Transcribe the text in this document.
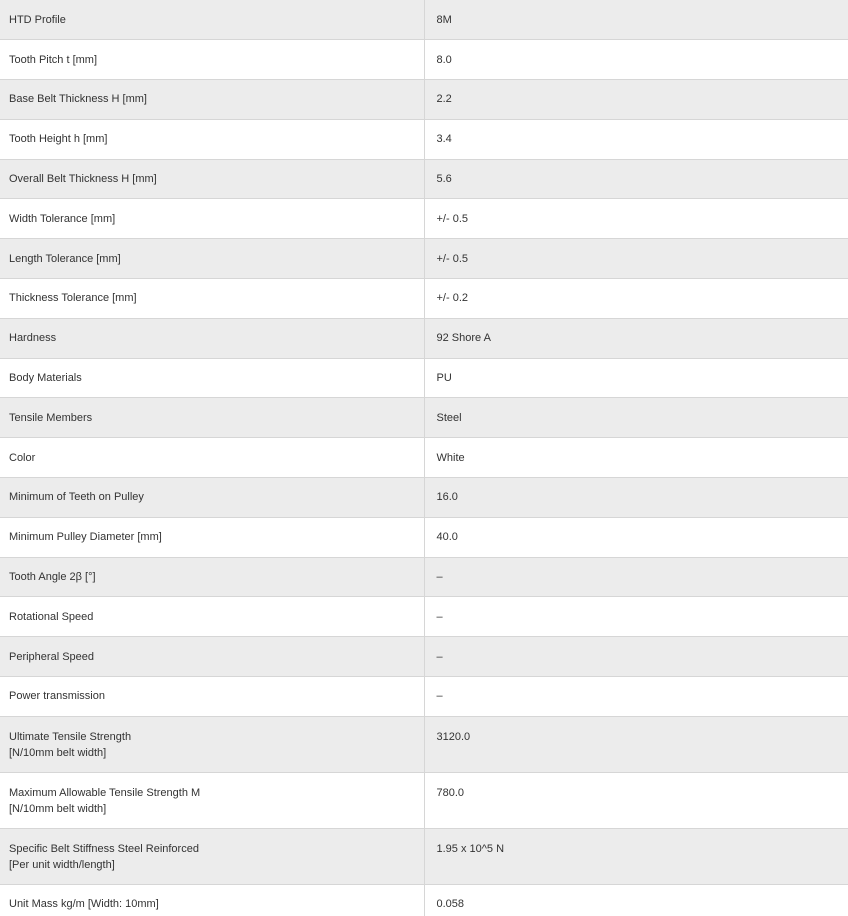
HTD Profile	8M
Tooth Pitch t [mm]	8.0
Base Belt Thickness H [mm]	2.2
Tooth Height h [mm]	3.4
Overall Belt Thickness H [mm]	5.6
Width Tolerance [mm]	+/- 0.5
Length Tolerance [mm]	+/- 0.5
Thickness Tolerance [mm]	+/- 0.2
Hardness	92 Shore A
Body Materials	PU
Tensile Members	Steel
Color	White
Minimum of Teeth on Pulley	16.0
Minimum Pulley Diameter [mm]	40.0
Tooth Angle 2β [°]	–
Rotational Speed	–
Peripheral Speed	–
Power transmission	–
Ultimate Tensile Strength
[N/10mm belt width]	3120.0
Maximum Allowable Tensile Strength M
[N/10mm belt width]	780.0
Specific Belt Stiffness Steel Reinforced
[Per unit width/length]	1.95 x 10^5 N
Unit Mass kg/m [Width: 10mm]	0.058
